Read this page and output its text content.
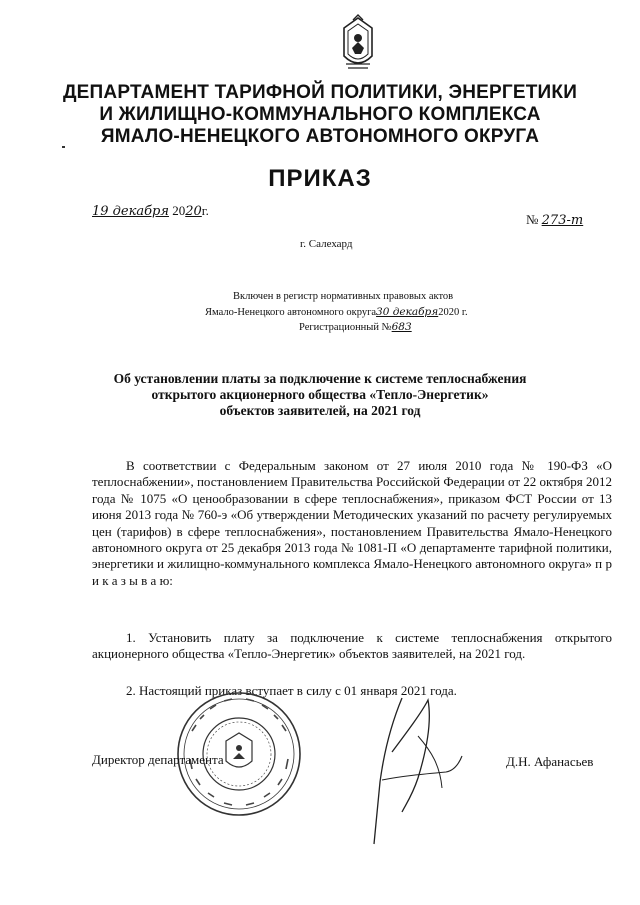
ДЕПАРТАМЕНТ ТАРИФНОЙ ПОЛИТИКИ, ЭНЕРГЕТИКИ
И ЖИЛИЩНО-КОММУНАЛЬНОГО КОМПЛЕКСА
ЯМАЛО-НЕНЕЦКОГО АВТОНОМНОГО ОКРУГА
ПРИКАЗ
19 декабря 2020г.
№ 273-т
г. Салехард
Включен в регистр нормативных правовых актов
Ямало-Ненецкого автономного округа30 декабря2020 г.
Регистрационный №683
Об установлении платы за подключение к системе теплоснабжения
открытого акционерного общества «Тепло-Энергетик»
объектов заявителей, на 2021 год
В соответствии с Федеральным законом от 27 июля 2010 года № 190-ФЗ «О теплоснабжении», постановлением Правительства Российской Федерации от 22 октября 2012 года № 1075 «О ценообразовании в сфере теплоснабжения», приказом ФСТ России от 13 июня 2013 года № 760-э «Об утверждении Методических указаний по расчету регулируемых цен (тарифов) в сфере теплоснабжения», постановлением Правительства Ямало-Ненецкого автономного округа от 25 декабря 2013 года № 1081-П «О департаменте тарифной политики, энергетики и жилищно-коммунального комплекса Ямало-Ненецкого автономного округа» п р и к а з ы в а ю:
1. Установить плату за подключение к системе теплоснабжения открытого акционерного общества «Тепло-Энергетик» объектов заявителей, на 2021 год.
2. Настоящий приказ вступает в силу с 01 января 2021 года.
Директор департамента	Д.Н. Афанасьев
